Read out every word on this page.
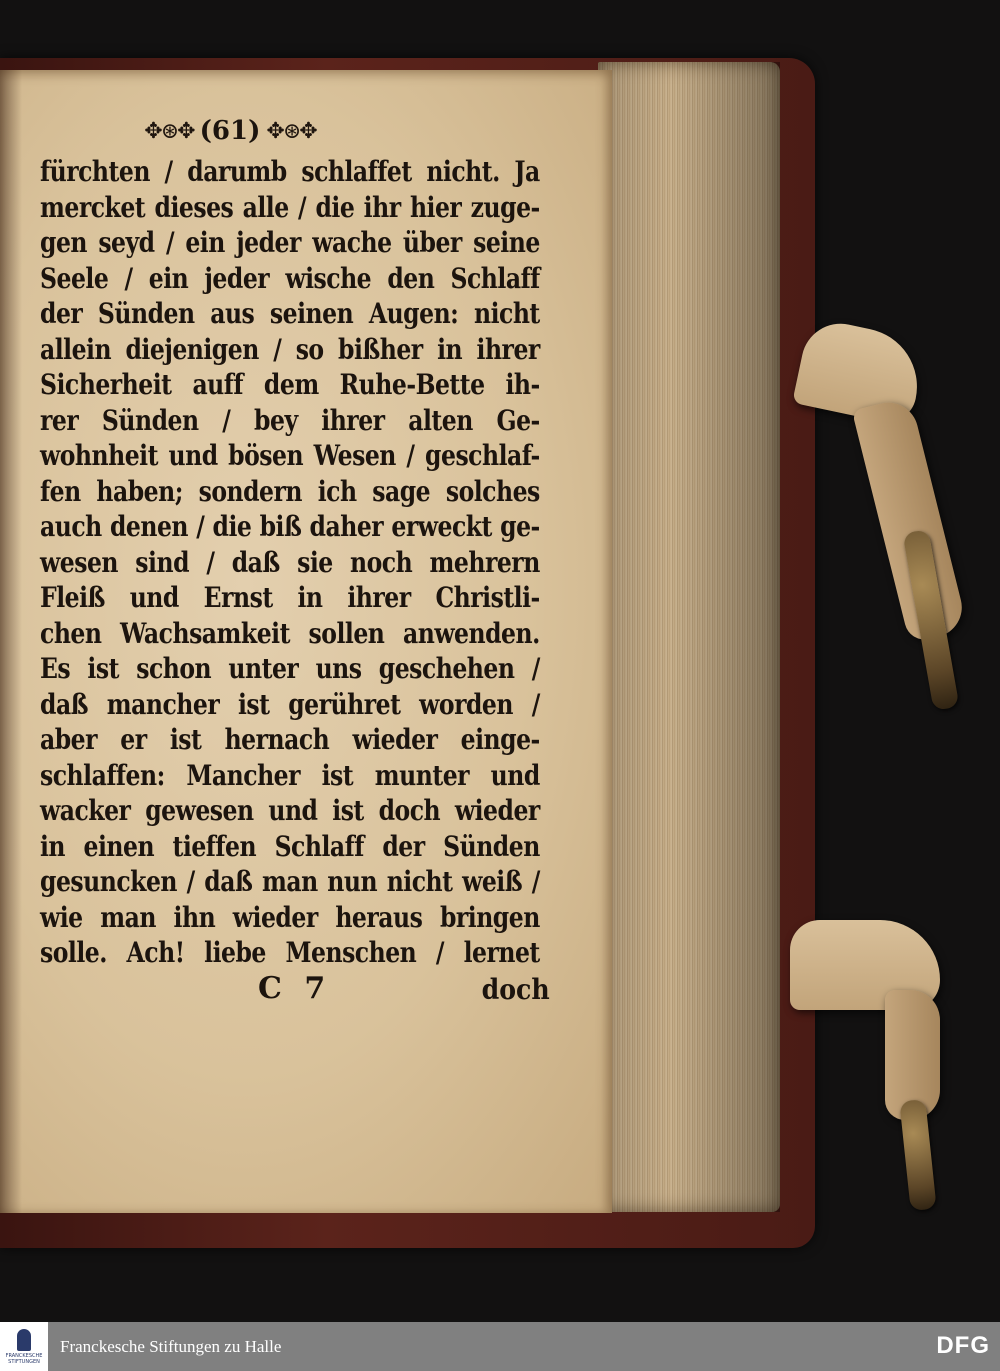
✥⊛✥ (61) ✥⊛✥
fürchten / darumb schlaffet nicht. Ja
mercket dieses alle / die ihr hier zuge-
gen seyd / ein jeder wache über seine
Seele / ein jeder wische den Schlaff
der Sünden aus seinen Augen: nicht
allein diejenigen / so bißher in ihrer
Sicherheit auff dem Ruhe-Bette ih-
rer Sünden / bey ihrer alten Ge-
wohnheit und bösen Wesen / geschlaf-
fen haben; sondern ich sage solches
auch denen / die biß daher erweckt ge-
wesen sind / daß sie noch mehrern
Fleiß und Ernst in ihrer Christli-
chen Wachsamkeit sollen anwenden.
Es ist schon unter uns geschehen /
daß mancher ist gerühret worden /
aber er ist hernach wieder einge-
schlaffen: Mancher ist munter und
wacker gewesen und ist doch wieder
in einen tieffen Schlaff der Sünden
gesuncken / daß man nun nicht weiß /
wie man ihn wieder heraus bringen
solle. Ach! liebe Menschen / lernet
C 7	doch
FRANCKESCHE STIFTUNGEN
Franckesche Stiftungen zu Halle	DFG
